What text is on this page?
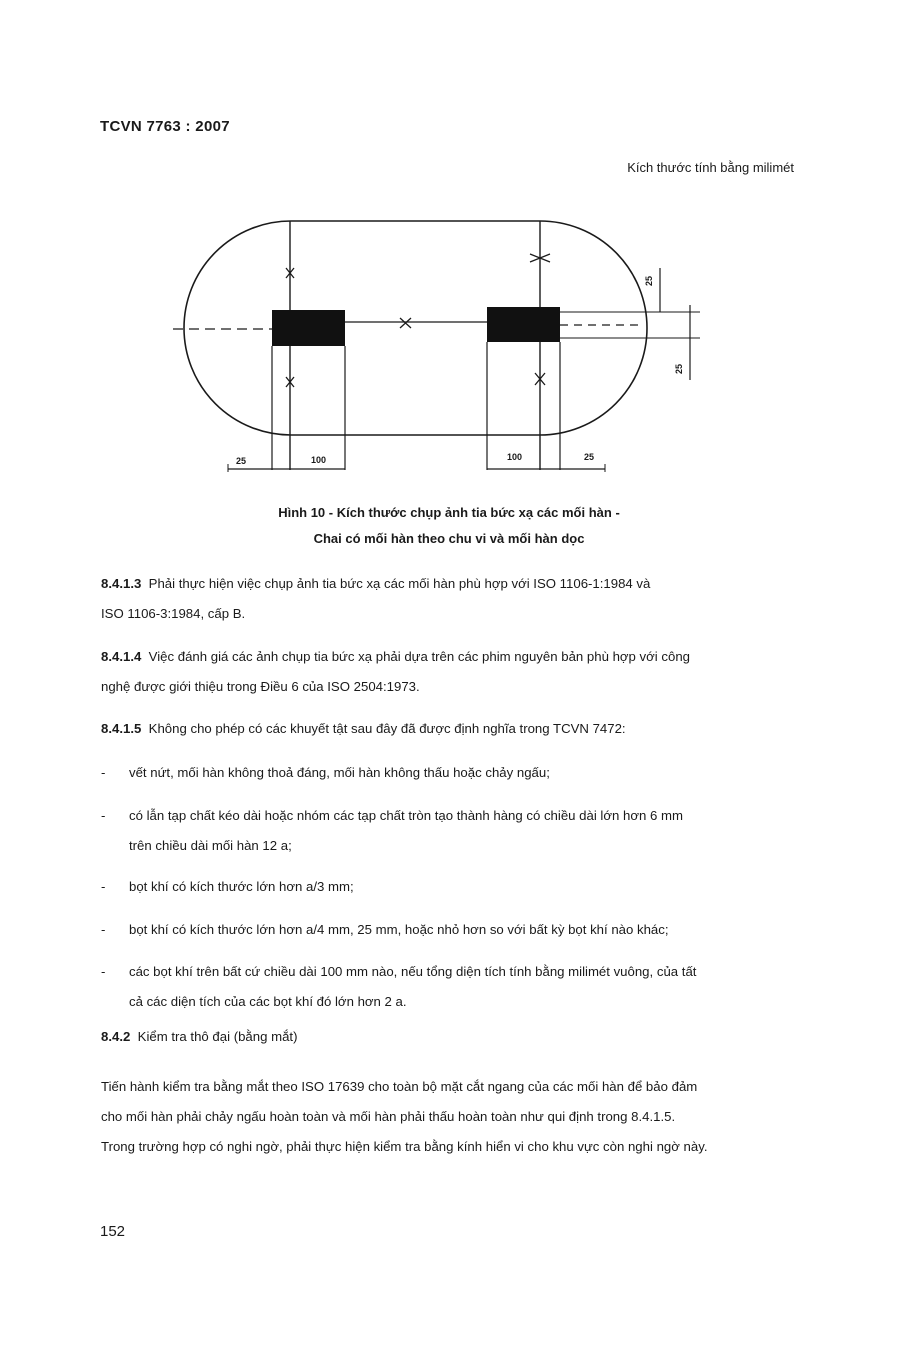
TCVN 7763 : 2007
Kích thước tính bằng milimét
25	100	100	25
25
25
Hình 10 - Kích thước chụp ảnh tia bức xạ các mối hàn -
Chai có mối hàn theo chu vi và mối hàn dọc
8.4.1.3 Phải thực hiện việc chụp ảnh tia bức xạ các mối hàn phù hợp với ISO 1106-1:1984 và
ISO 1106-3:1984, cấp B.
8.4.1.4 Việc đánh giá các ảnh chụp tia bức xạ phải dựa trên các phim nguyên bản phù hợp với công
nghệ được giới thiệu trong Điều 6 của ISO 2504:1973.
8.4.1.5 Không cho phép có các khuyết tật sau đây đã được định nghĩa trong TCVN 7472:
- vết nứt, mối hàn không thoả đáng, mối hàn không thấu hoặc chảy ngấu;
- có lẫn tạp chất kéo dài hoặc nhóm các tạp chất tròn tạo thành hàng có chiều dài lớn hơn 6 mm
trên chiều dài mối hàn 12 a;
- bọt khí có kích thước lớn hơn a/3 mm;
- bọt khí có kích thước lớn hơn a/4 mm, 25 mm, hoặc nhỏ hơn so với bất kỳ bọt khí nào khác;
- các bọt khí trên bất cứ chiều dài 100 mm nào, nếu tổng diện tích tính bằng milimét vuông, của tất
cả các diện tích của các bọt khí đó lớn hơn 2 a.
8.4.2 Kiểm tra thô đại (bằng mắt)
Tiến hành kiểm tra bằng mắt theo ISO 17639 cho toàn bộ mặt cắt ngang của các mối hàn để bảo đảm
cho mối hàn phải chảy ngấu hoàn toàn và mối hàn phải thấu hoàn toàn như qui định trong 8.4.1.5.
Trong trường hợp có nghi ngờ, phải thực hiện kiểm tra bằng kính hiển vi cho khu vực còn nghi ngờ này.
152
